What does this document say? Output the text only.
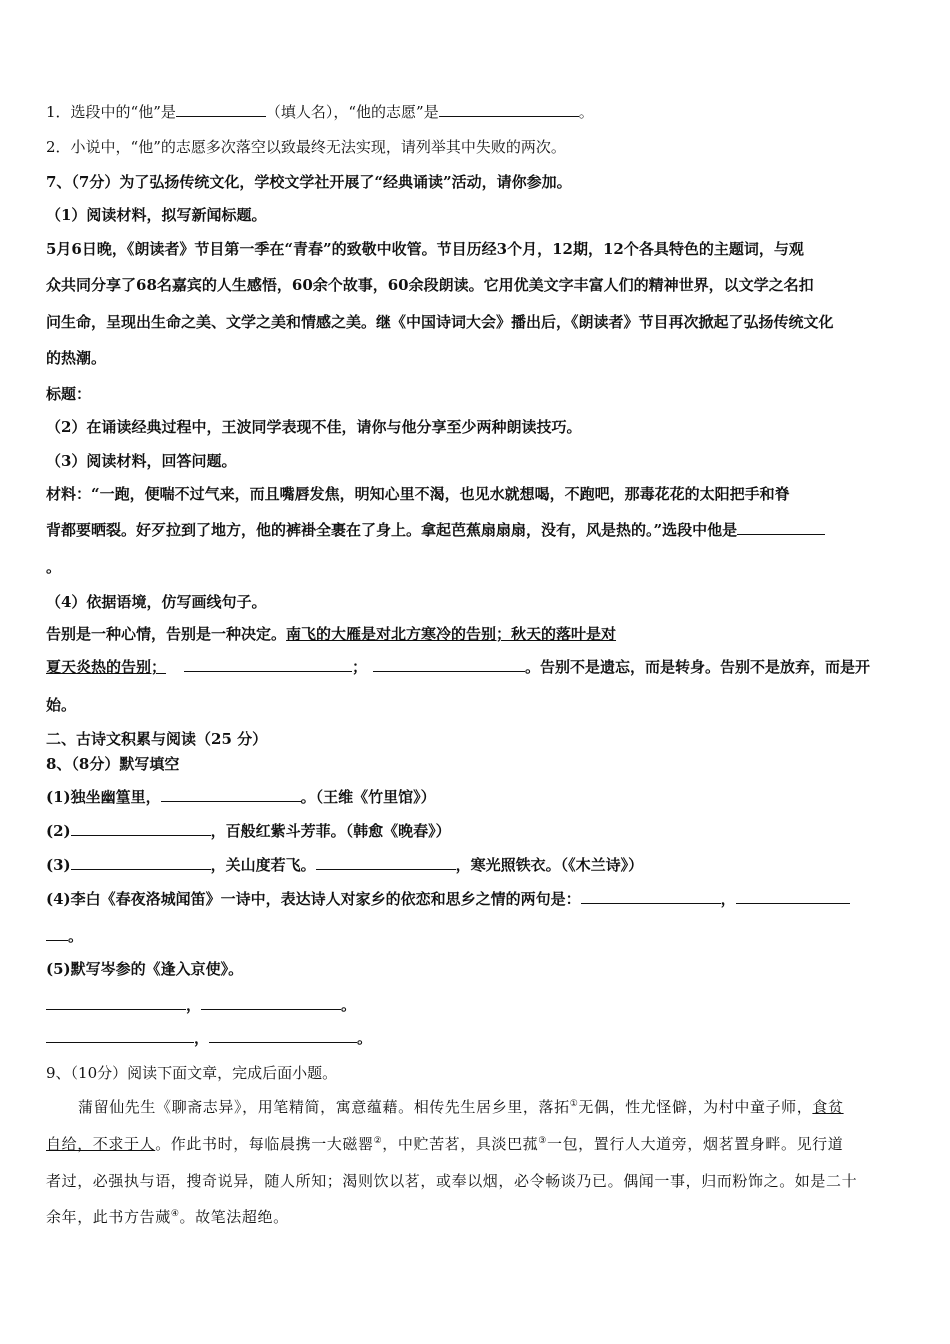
1．选段中的“他”是	（填人名），“他的志愿”是	。
2．小说中，“他”的志愿多次落空以致最终无法实现，请列举其中失败的两次。
7、（7分）为了弘扬传统文化，学校文学社开展了“经典诵读”活动，请你参加。
（1）阅读材料，拟写新闻标题。
5月6日晚，《朗读者》节目第一季在“青春”的致敬中收管。节目历经3个月，12期，12个各具特色的主题词，与观
众共同分享了68名嘉宾的人生感悟，60余个故事，60余段朗读。它用优美文字丰富人们的精神世界，以文学之名扣
问生命，呈现出生命之美、文学之美和情感之美。继《中国诗词大会》播出后，《朗读者》节目再次掀起了弘扬传统文化
的热潮。
标题：
（2）在诵读经典过程中，王波同学表现不佳，请你与他分享至少两种朗读技巧。
（3）阅读材料，回答问题。
材料：“一跑，便喘不过气来，而且嘴唇发焦，明知心里不渴，也见水就想喝，不跑吧，那毒花花的太阳把手和脊
背都要晒裂。好歹拉到了地方，他的裤褂全裹在了身上。拿起芭蕉扇扇扇，没有，风是热的。”选段中他是
。
（4）依据语境，仿写画线句子。
告别是一种心情，告别是一种决定。南飞的大雁是对北方寒冷的告别；秋天的落叶是对
夏天炎热的告别；	；	。告别不是遗忘，而是转身。告别不是放弃，而是开
始。
二、古诗文积累与阅读（25 分）
8、（8分）默写填空
(1)独坐幽篁里，	。（王维《竹里馆》）
(2)	，百般红紫斗芳菲。（韩愈《晚春》）
(3)	，关山度若飞。	，寒光照铁衣。（《木兰诗》）
(4)李白《春夜洛城闻笛》一诗中，表达诗人对家乡的依恋和思乡之情的两句是：	，
。
(5)默写岑参的《逢入京使》。
，	。
，	。
9、（10分）阅读下面文章，完成后面小题。
蒲留仙先生《聊斋志异》，用笔精简，寓意蕴藉。相传先生居乡里，落拓①无偶，性尤怪僻，为村中童子师，食贫
自给，不求于人。作此书时，每临晨携一大磁罂②，中贮苦茗，具淡巴菰③一包，置行人大道旁，烟茗置身畔。见行道
者过，必强执与语，搜奇说异，随人所知；渴则饮以茗，或奉以烟，必令畅谈乃已。偶闻一事，归而粉饰之。如是二十
余年，此书方告蒇④。故笔法超绝。
